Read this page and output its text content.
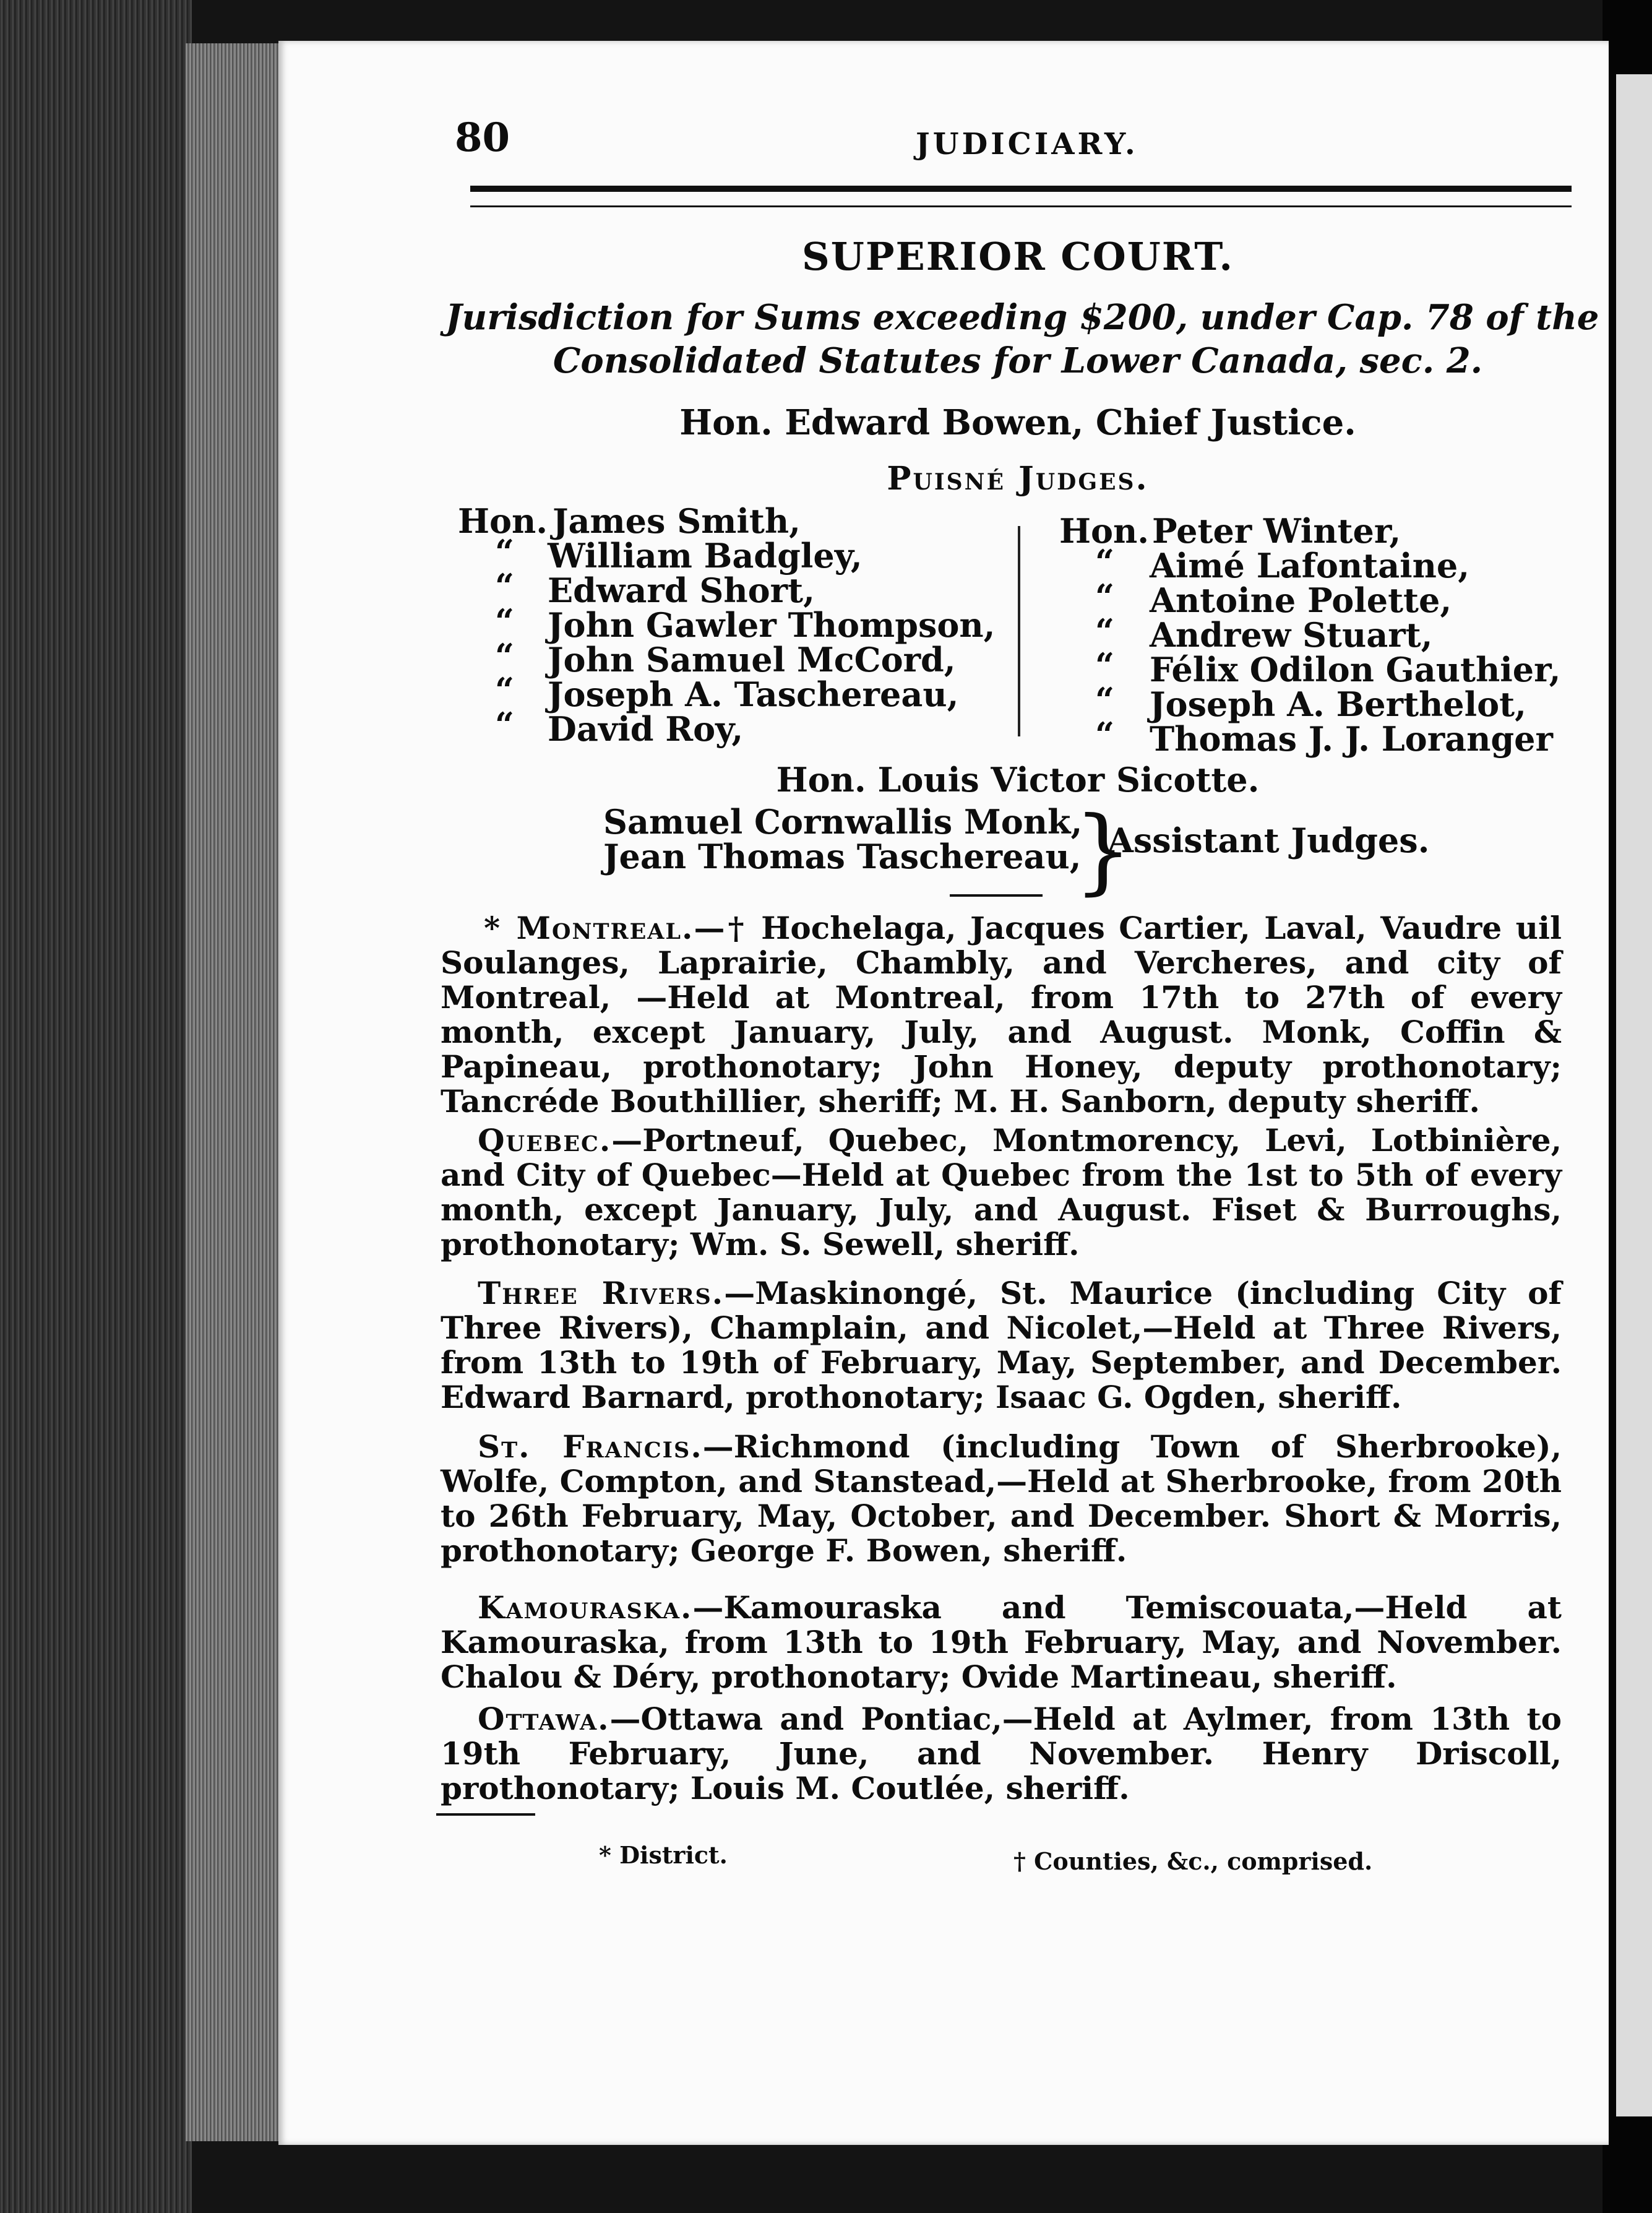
80	JUDICIARY.
SUPERIOR COURT.
Jurisdiction for Sums exceeding $200, under Cap. 78 of the
Consolidated Statutes for Lower Canada, sec. 2.
Hon. Edward Bowen, Chief Justice.
Puisné Judges.
Hon. James Smith,
“ William Badgley,
“ Edward Short,
“ John Gawler Thompson,
“ John Samuel McCord,
“ Joseph A. Taschereau,
“ David Roy,
Hon. Peter Winter,
“ Aimé Lafontaine,
“ Antoine Polette,
“ Andrew Stuart,
“ Félix Odilon Gauthier,
“ Joseph A. Berthelot,
“ Thomas J. J. Loranger
Hon. Louis Victor Sicotte.
Samuel Cornwallis Monk,
Jean Thomas Taschereau,
}
Assistant Judges.
* Montreal.—† Hochelaga, Jacques Cartier, Laval, Vaudre uil Soulanges, Laprairie, Chambly, and Vercheres, and city of Montreal, —Held at Montreal, from 17th to 27th of every month, except January, July, and August. Monk, Coffin & Papineau, prothonotary; John Honey, deputy prothonotary; Tancréde Bouthillier, sheriff; M. H. Sanborn, deputy sheriff.
Quebec.—Portneuf, Quebec, Montmorency, Levi, Lotbinière, and City of Quebec—Held at Quebec from the 1st to 5th of every month, except January, July, and August. Fiset & Burroughs, prothonotary; Wm. S. Sewell, sheriff.
Three Rivers.—Maskinongé, St. Maurice (including City of Three Rivers), Champlain, and Nicolet,—Held at Three Rivers, from 13th to 19th of February, May, September, and December. Edward Barnard, prothonotary; Isaac G. Ogden, sheriff.
St. Francis.—Richmond (including Town of Sherbrooke), Wolfe, Compton, and Stanstead,—Held at Sherbrooke, from 20th to 26th February, May, October, and December. Short & Morris, prothonotary; George F. Bowen, sheriff.
Kamouraska.—Kamouraska and Temiscouata,—Held at Kamouraska, from 13th to 19th February, May, and November. Chalou & Déry, prothonotary; Ovide Martineau, sheriff.
Ottawa.—Ottawa and Pontiac,—Held at Aylmer, from 13th to 19th February, June, and November. Henry Driscoll, prothonotary; Louis M. Coutlée, sheriff.
* District.	† Counties, &c., comprised.
